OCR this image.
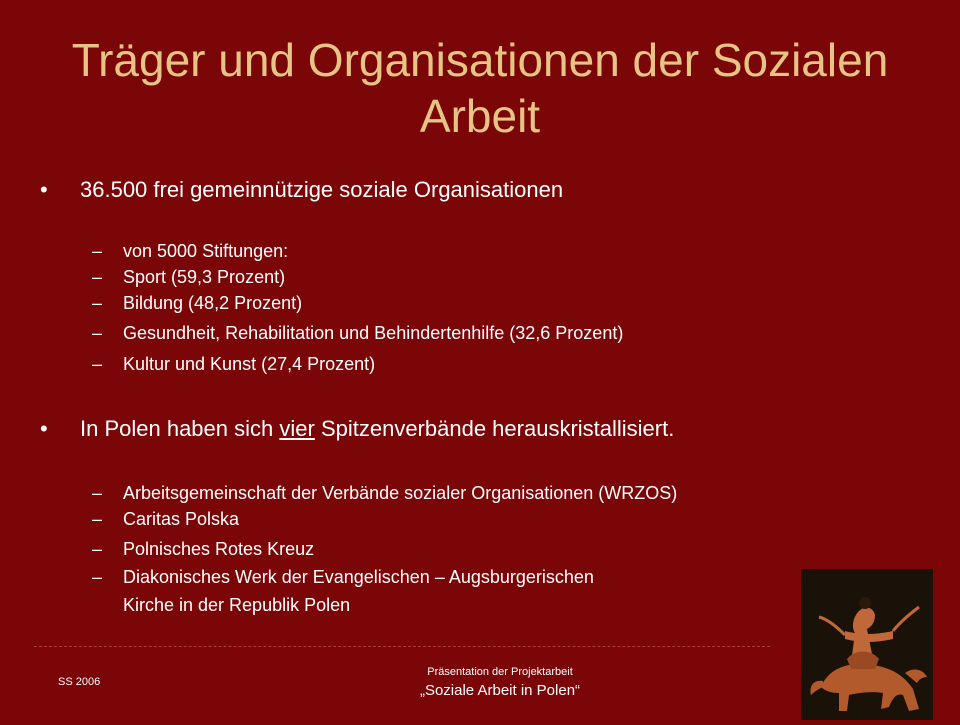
Träger und Organisationen der Sozialen Arbeit
• 36.500 frei gemeinnützige soziale Organisationen
– von 5000 Stiftungen:
– Sport (59,3 Prozent)
– Bildung (48,2 Prozent)
– Gesundheit, Rehabilitation und Behindertenhilfe (32,6 Prozent)
– Kultur und Kunst (27,4 Prozent)
• In Polen haben sich vier Spitzenverbände herauskristallisiert.
– Arbeitsgemeinschaft der Verbände sozialer Organisationen (WRZOS)
– Caritas Polska
– Polnisches Rotes Kreuz
– Diakonisches Werk der Evangelischen – Augsburgerischen
Kirche in der Republik Polen
SS 2006
Präsentation der Projektarbeit
„Soziale Arbeit in Polen“
